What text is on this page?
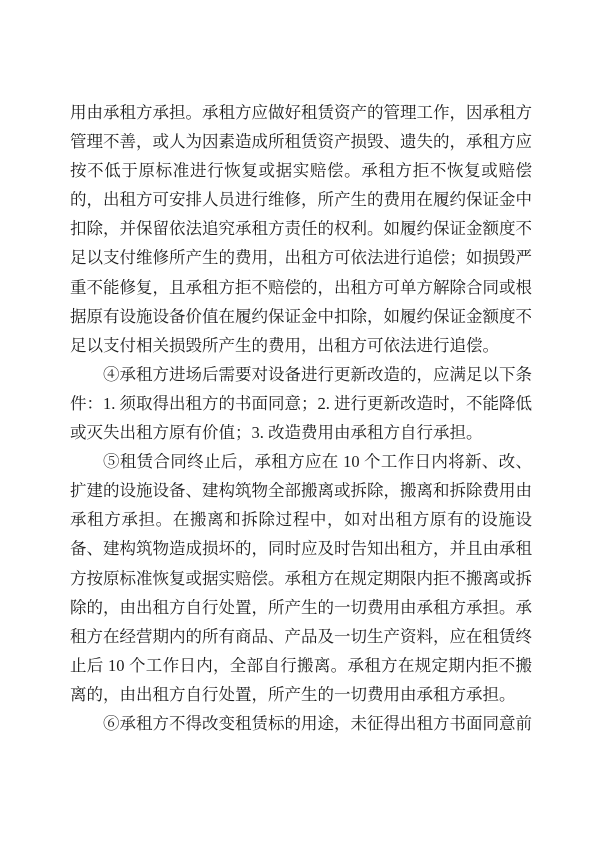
用由承租方承担。承租方应做好租赁资产的管理工作，因承租方管理不善，或人为因素造成所租赁资产损毁、遗失的，承租方应按不低于原标准进行恢复或据实赔偿。承租方拒不恢复或赔偿的，出租方可安排人员进行维修，所产生的费用在履约保证金中扣除，并保留依法追究承租方责任的权利。如履约保证金额度不足以支付维修所产生的费用，出租方可依法进行追偿；如损毁严重不能修复，且承租方拒不赔偿的，出租方可单方解除合同或根据原有设施设备价值在履约保证金中扣除，如履约保证金额度不足以支付相关损毁所产生的费用，出租方可依法进行追偿。

④承租方进场后需要对设备进行更新改造的，应满足以下条件：1. 须取得出租方的书面同意；2. 进行更新改造时，不能降低或灭失出租方原有价值；3. 改造费用由承租方自行承担。

⑤租赁合同终止后，承租方应在 10 个工作日内将新、改、扩建的设施设备、建构筑物全部搬离或拆除，搬离和拆除费用由承租方承担。在搬离和拆除过程中，如对出租方原有的设施设备、建构筑物造成损坏的，同时应及时告知出租方，并且由承租方按原标准恢复或据实赔偿。承租方在规定期限内拒不搬离或拆除的，由出租方自行处置，所产生的一切费用由承租方承担。承租方在经营期内的所有商品、产品及一切生产资料，应在租赁终止后 10 个工作日内，全部自行搬离。承租方在规定期内拒不搬离的，由出租方自行处置，所产生的一切费用由承租方承担。

⑥承租方不得改变租赁标的用途，未征得出租方书面同意前
